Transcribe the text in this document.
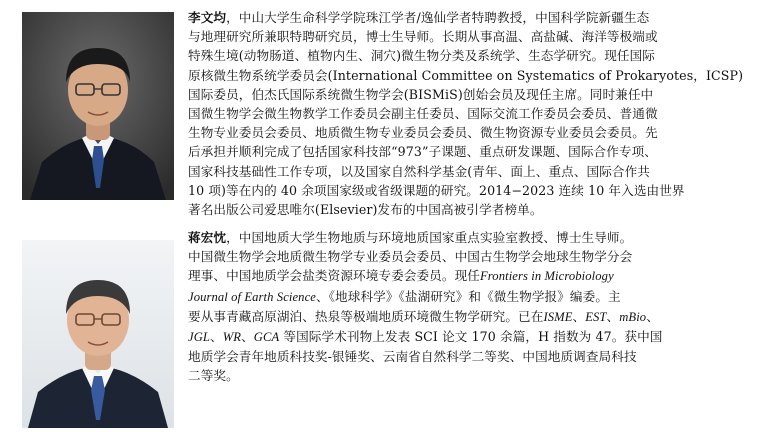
李文均，中山大学生命科学学院珠江学者/逸仙学者特聘教授，中国科学院新疆生态
与地理研究所兼职特聘研究员，博士生导师。长期从事高温、高盐碱、海洋等极端或
特殊生境(动物肠道、植物内生、洞穴)微生物分类及系统学、生态学研究。现任国际
原核微生物系统学委员会(International Committee on Systematics of Prokaryotes，ICSP)
国际委员，伯杰氏国际系统微生物学会(BISMiS)创始会员及现任主席。同时兼任中
国微生物学会微生物教学工作委员会副主任委员、国际交流工作委员会委员、普通微
生物专业委员会委员、地质微生物专业委员会委员、微生物资源专业委员会委员。先
后承担并顺利完成了包括国家科技部“973”子课题、重点研发课题、国际合作专项、
国家科技基础性工作专项，以及国家自然科学基金(青年、面上、重点、国际合作共
10 项)等在内的 40 余项国家级或省级课题的研究。2014−2023 连续 10 年入选由世界
著名出版公司爱思唯尔(Elsevier)发布的中国高被引学者榜单。
蒋宏忱，中国地质大学生物地质与环境地质国家重点实验室教授、博士生导师。
中国微生物学会地质微生物学专业委员会委员、中国古生物学会地球生物学分会
理事、中国地质学会盐类资源环境专委会委员。现任Frontiers in Microbiology
Journal of Earth Science、《地球科学》《盐湖研究》和《微生物学报》编委。主
要从事青藏高原湖泊、热泉等极端地质环境微生物学研究。已在ISME、EST、mBio、
JGL、WR、GCA 等国际学术刊物上发表 SCI 论文 170 余篇，H 指数为 47。获中国
地质学会青年地质科技奖-银锤奖、云南省自然科学二等奖、中国地质调查局科技
二等奖。
